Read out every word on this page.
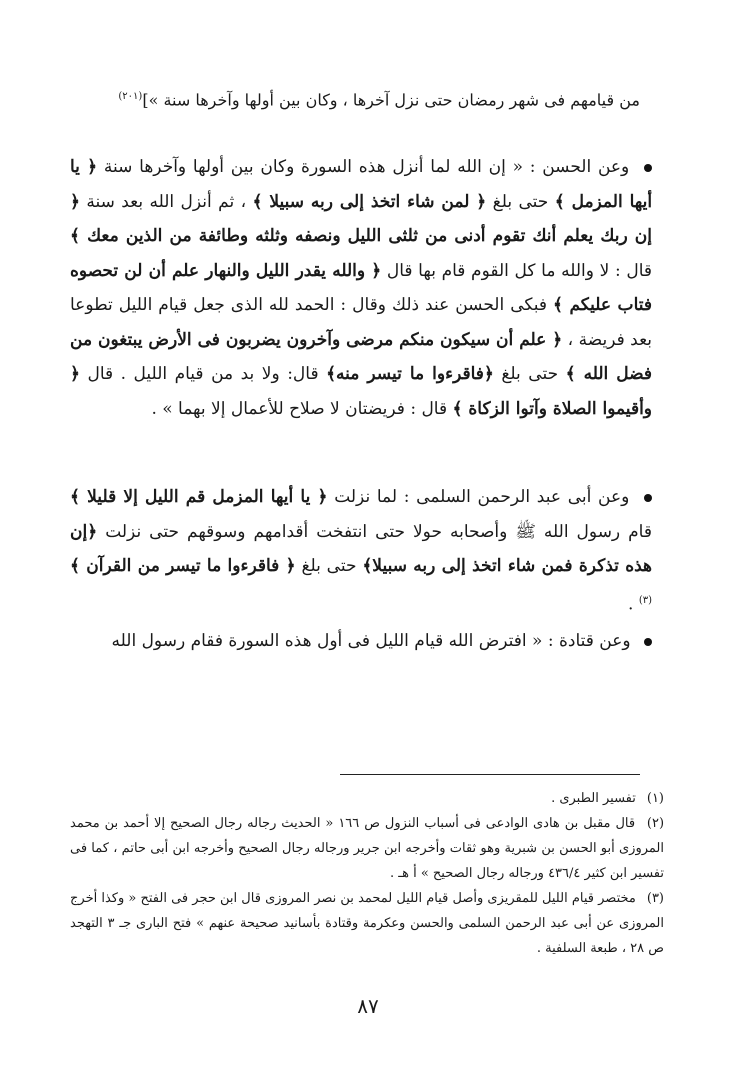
من قيامهم فى شهر رمضان حتى نزل آخرها ، وكان بين أولها وآخرها سنة »]$^{(٢٠١)}$
وعن الحسن : « إن الله لما أنزل هذه السورة وكان بين أولها وآخرها سنة ﴿ يا أيها المزمل ﴾ حتى بلغ ﴿ لمن شاء اتخذ إلى ربه سبيلا ﴾ ، ثم أنزل الله بعد سنة ﴿ إن ربك يعلم أنك تقوم أدنى من ثلثى الليل ونصفه وثلثه وطائفة من الذين معك ﴾ قال : لا والله ما كل القوم قام بها قال ﴿ والله يقدر الليل والنهار علم أن لن تحصوه فتاب عليكم ﴾ فبكى الحسن عند ذلك وقال : الحمد لله الذى جعل قيام الليل تطوعا بعد فريضة ، ﴿ علم أن سيكون منكم مرضى وآخرون يضربون فى الأرض يبتغون من فضل الله ﴾ حتى بلغ ﴿فاقرءوا ما تيسر منه﴾ قال: ولا بد من قيام الليل . قال ﴿ وأقيموا الصلاة وآتوا الزكاة ﴾ قال : فريضتان لا صلاح للأعمال إلا بهما » .
وعن أبى عبد الرحمن السلمى : لما نزلت ﴿ يا أيها المزمل قم الليل إلا قليلا ﴾ قام رسول الله ﷺ وأصحابه حولا حتى انتفخت أقدامهم وسوقهم حتى نزلت ﴿إن هذه تذكرة فمن شاء اتخذ إلى ربه سبيلا﴾ حتى بلغ ﴿ فاقرءوا ما تيسر من القرآن ﴾$^{(٣)}$ .
وعن قتادة : « افترض الله قيام الليل فى أول هذه السورة فقام رسول الله

(١) تفسير الطبرى .

(٢) قال مقبل بن هادى الوادعى فى أسباب النزول ص ١٦٦ « الحديث رجاله رجال الصحيح إلا أحمد بن محمد المروزى أبو الحسن بن شبرية وهو ثقات وأخرجه ابن جرير ورجاله رجال الصحيح وأخرجه ابن أبى حاتم ، كما فى تفسير ابن كثير ٤٣٦/٤ ورجاله رجال الصحيح » أ هـ .

(٣) مختصر قيام الليل للمقريزى وأصل قيام الليل لمحمد بن نصر المروزى قال ابن حجر فى الفتح « وكذا أخرج المروزى عن أبى عبد الرحمن السلمى والحسن وعكرمة وقتادة بأسانيد صحيحة عنهم » فتح البارى جـ ٣ التهجد ص ٢٨ ، طبعة السلفية .

٨٧
